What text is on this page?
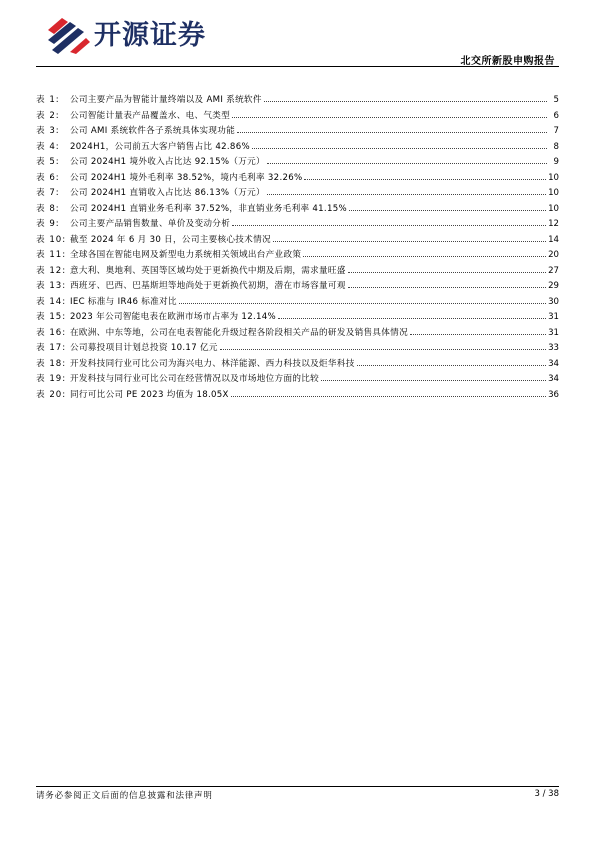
开源证券
北交所新股申购报告
表 1:	公司主要产品为智能计量终端以及 AMI 系统软件	5
表 2:	公司智能计量表产品覆盖水、电、气类型	6
表 3:	公司 AMI 系统软件各子系统具体实现功能	7
表 4:	2024H1，公司前五大客户销售占比 42.86%	8
表 5:	公司 2024H1 境外收入占比达 92.15%（万元）	9
表 6:	公司 2024H1 境外毛利率 38.52%，境内毛利率 32.26%	10
表 7:	公司 2024H1 直销收入占比达 86.13%（万元）	10
表 8:	公司 2024H1 直销业务毛利率 37.52%，非直销业务毛利率 41.15%	10
表 9:	公司主要产品销售数量、单价及变动分析	12
表 10: 截至 2024 年 6 月 30 日，公司主要核心技术情况	14
表 11: 全球各国在智能电网及新型电力系统相关领域出台产业政策	20
表 12: 意大利、奥地利、英国等区域均处于更新换代中期及后期，需求量旺盛	27
表 13: 西班牙、巴西、巴基斯坦等地尚处于更新换代初期，潜在市场容量可观	29
表 14: IEC 标准与 IR46 标准对比	30
表 15: 2023 年公司智能电表在欧洲市场市占率为 12.14%	31
表 16: 在欧洲、中东等地，公司在电表智能化升级过程各阶段相关产品的研发及销售具体情况	31
表 17: 公司募投项目计划总投资 10.17 亿元	33
表 18: 开发科技同行业可比公司为海兴电力、林洋能源、西力科技以及炬华科技	34
表 19: 开发科技与同行业可比公司在经营情况以及市场地位方面的比较	34
表 20: 同行可比公司 PE 2023 均值为 18.05X	36
请务必参阅正文后面的信息披露和法律声明	3 / 38
